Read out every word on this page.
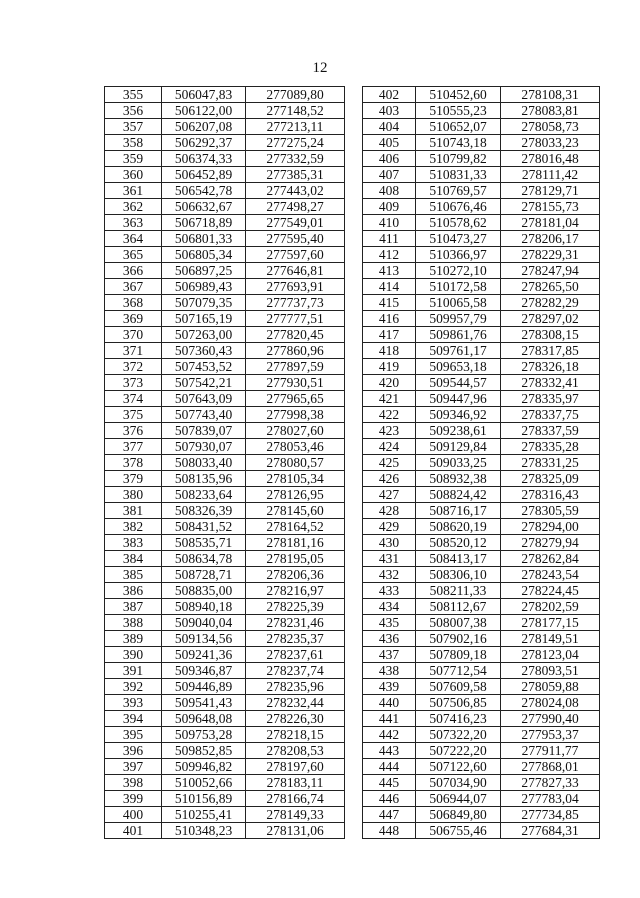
12
355	506047,83	277089,80
356	506122,00	277148,52
357	506207,08	277213,11
358	506292,37	277275,24
359	506374,33	277332,59
360	506452,89	277385,31
361	506542,78	277443,02
362	506632,67	277498,27
363	506718,89	277549,01
364	506801,33	277595,40
365	506805,34	277597,60
366	506897,25	277646,81
367	506989,43	277693,91
368	507079,35	277737,73
369	507165,19	277777,51
370	507263,00	277820,45
371	507360,43	277860,96
372	507453,52	277897,59
373	507542,21	277930,51
374	507643,09	277965,65
375	507743,40	277998,38
376	507839,07	278027,60
377	507930,07	278053,46
378	508033,40	278080,57
379	508135,96	278105,34
380	508233,64	278126,95
381	508326,39	278145,60
382	508431,52	278164,52
383	508535,71	278181,16
384	508634,78	278195,05
385	508728,71	278206,36
386	508835,00	278216,97
387	508940,18	278225,39
388	509040,04	278231,46
389	509134,56	278235,37
390	509241,36	278237,61
391	509346,87	278237,74
392	509446,89	278235,96
393	509541,43	278232,44
394	509648,08	278226,30
395	509753,28	278218,15
396	509852,85	278208,53
397	509946,82	278197,60
398	510052,66	278183,11
399	510156,89	278166,74
400	510255,41	278149,33
401	510348,23	278131,06
402	510452,60	278108,31
403	510555,23	278083,81
404	510652,07	278058,73
405	510743,18	278033,23
406	510799,82	278016,48
407	510831,33	278111,42
408	510769,57	278129,71
409	510676,46	278155,73
410	510578,62	278181,04
411	510473,27	278206,17
412	510366,97	278229,31
413	510272,10	278247,94
414	510172,58	278265,50
415	510065,58	278282,29
416	509957,79	278297,02
417	509861,76	278308,15
418	509761,17	278317,85
419	509653,18	278326,18
420	509544,57	278332,41
421	509447,96	278335,97
422	509346,92	278337,75
423	509238,61	278337,59
424	509129,84	278335,28
425	509033,25	278331,25
426	508932,38	278325,09
427	508824,42	278316,43
428	508716,17	278305,59
429	508620,19	278294,00
430	508520,12	278279,94
431	508413,17	278262,84
432	508306,10	278243,54
433	508211,33	278224,45
434	508112,67	278202,59
435	508007,38	278177,15
436	507902,16	278149,51
437	507809,18	278123,04
438	507712,54	278093,51
439	507609,58	278059,88
440	507506,85	278024,08
441	507416,23	277990,40
442	507322,20	277953,37
443	507222,20	277911,77
444	507122,60	277868,01
445	507034,90	277827,33
446	506944,07	277783,04
447	506849,80	277734,85
448	506755,46	277684,31
